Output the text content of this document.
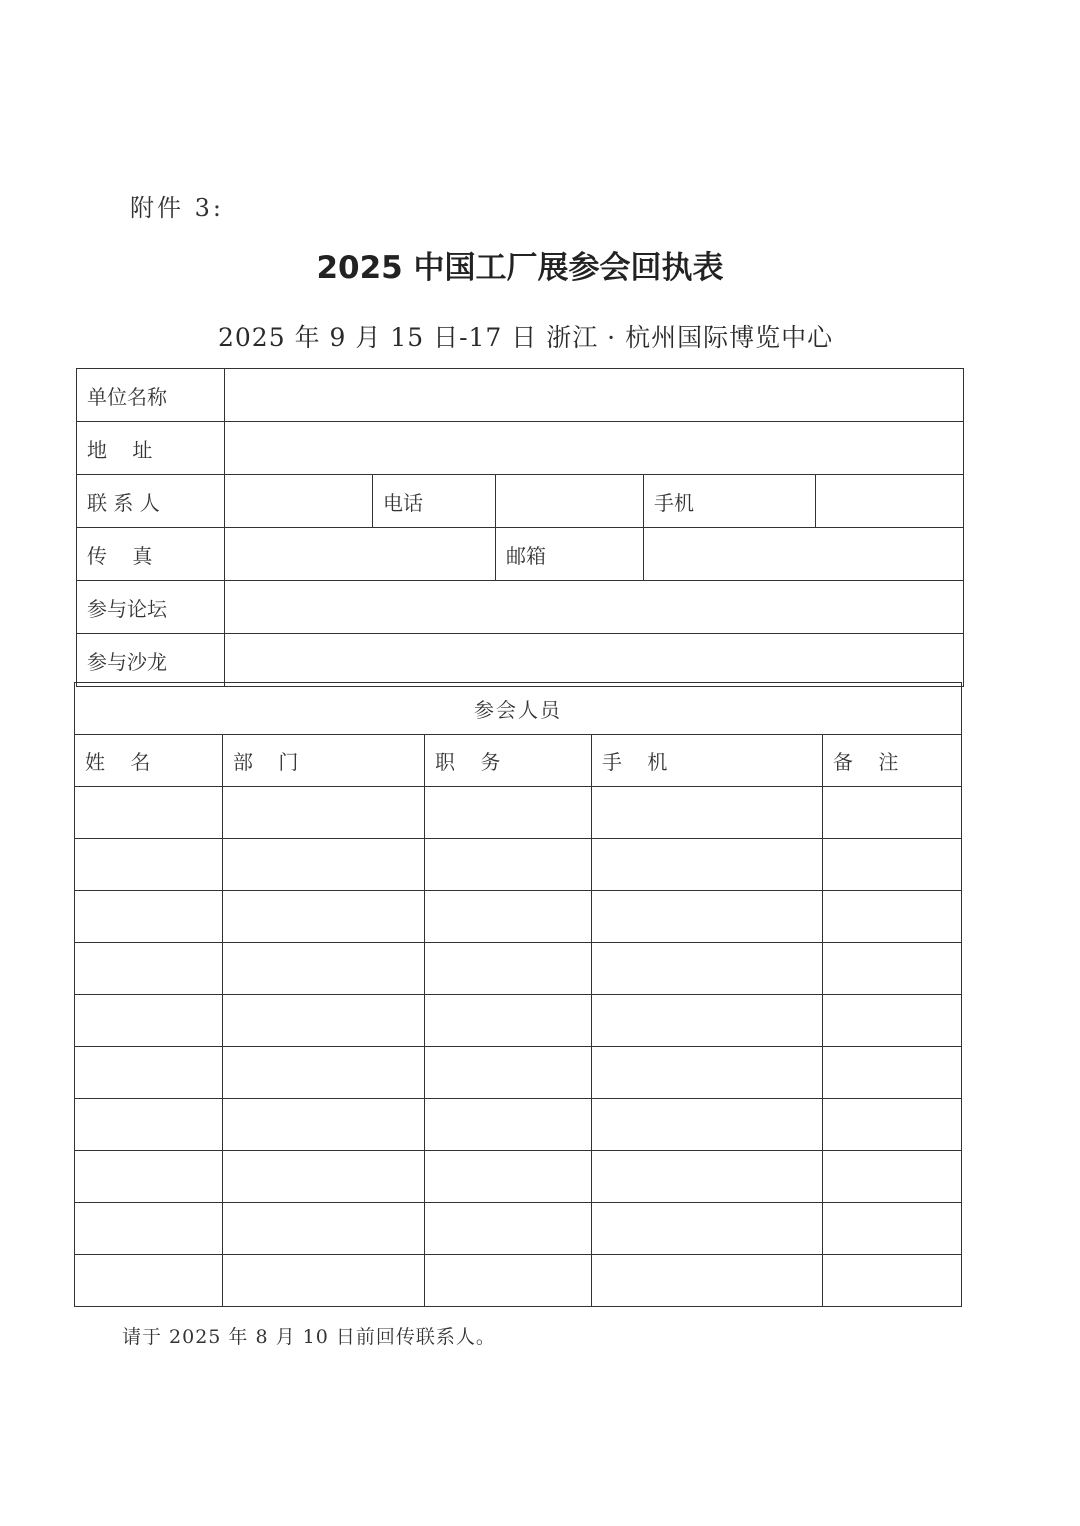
附件 3:
2025 中国工厂展参会回执表
2025 年 9 月 15 日-17 日 浙江 · 杭州国际博览中心
单位名称					
地    址					
联 系 人		电话		手机	
传    真			邮箱		
参与论坛					
参与沙龙					
参会人员				
姓    名	部    门	职    务	手    机	备    注

请于 2025 年 8 月 10 日前回传联系人。
